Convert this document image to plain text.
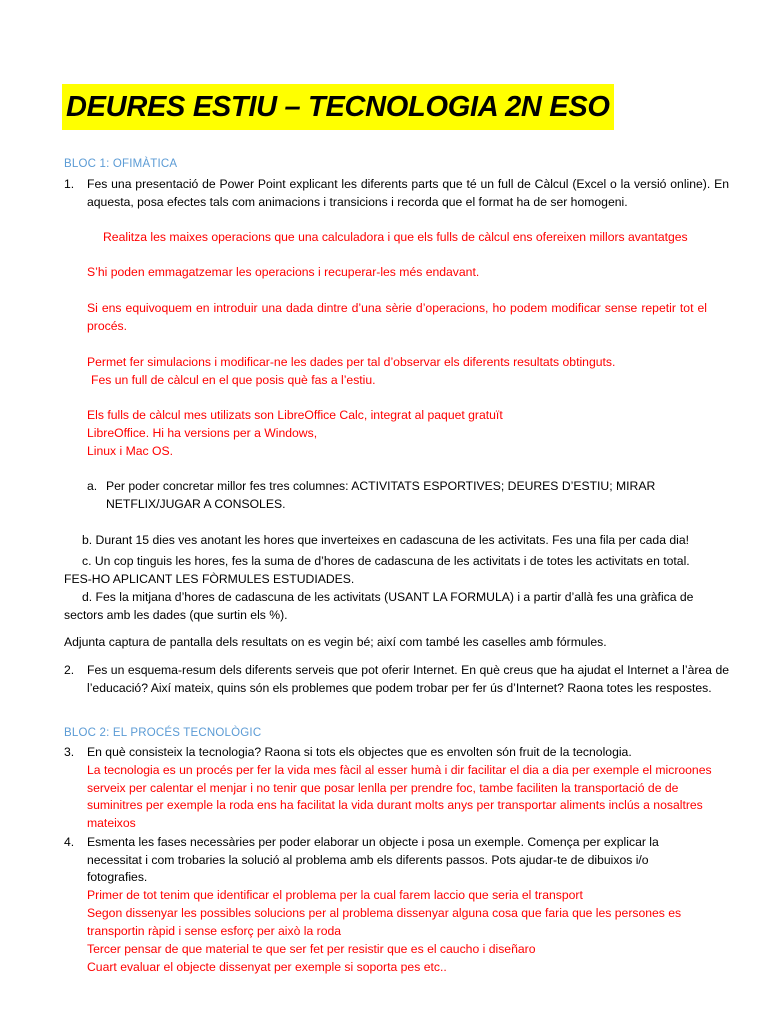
DEURES ESTIU – TECNOLOGIA 2N ESO
BLOC 1: OFIMÀTICA
1. Fes una presentació de Power Point explicant les diferents parts que té un full de Càlcul (Excel o la versió online). En aquesta, posa efectes tals com animacions i transicions i recorda que el format ha de ser homogeni.

Realitza les maixes operacions que una calculadora i que els fulls de càlcul ens ofereixen millors avantatges

S’hi poden emmagatzemar les operacions i recuperar-les més endavant.

Si ens equivoquem en introduir una dada dintre d’una sèrie d’operacions, ho podem modificar sense repetir tot el procés.

Permet fer simulacions i modificar-ne les dades per tal d’observar els diferents resultats obtinguts.

Fes un full de càlcul en el que posis què fas a l’estiu.

Els fulls de càlcul mes utilizats son LibreOffice Calc, integrat al paquet gratuït

LibreOffice. Hi ha versions per a Windows,

Linux i Mac OS.

a. Per poder concretar millor fes tres columnes: ACTIVITATS ESPORTIVES; DEURES D’ESTIU; MIRAR NETFLIX/JUGAR A CONSOLES.

b. Durant 15 dies ves anotant les hores que inverteixes en cadascuna de les activitats. Fes una fila per cada dia!

c. Un cop tinguis les hores, fes la suma de d’hores de cadascuna de les activitats i de totes les activitats en total.

FES-HO APLICANT LES FÒRMULES ESTUDIADES.

d. Fes la mitjana d’hores de cadascuna de les activitats (USANT LA FORMULA) i a partir d’allà fes una gràfica de sectors amb les dades (que surtin els %).

Adjunta captura de pantalla dels resultats on es vegin bé; així com també les caselles amb fórmules.

2. Fes un esquema-resum dels diferents serveis que pot oferir Internet. En què creus que ha ajudat el Internet a l’àrea de l’educació? Així mateix, quins són els problemes que podem trobar per fer ús d’Internet? Raona totes les respostes.

BLOC 2: EL PROCÉS TECNOLÒGIC
3. En què consisteix la tecnologia? Raona si tots els objectes que es envolten són fruit de la tecnologia.

La tecnologia es un procés per fer la vida mes fàcil al esser humà i dir facilitar el dia a dia per exemple el microones serveix per calentar el menjar i no tenir que posar lenlla per prendre foc, tambe faciliten la transportació de de suminitres per exemple la roda ens ha facilitat la vida durant molts anys per transportar aliments inclús a nosaltres mateixos

4. Esmenta les fases necessàries per poder elaborar un objecte i posa un exemple. Comença per explicar la necessitat i com trobaries la solució al problema amb els diferents passos. Pots ajudar-te de dibuixos i/o fotografies.

Primer de tot tenim que identificar el problema per la cual farem laccio que seria el transport

Segon dissenyar les possibles solucions per al problema dissenyar alguna cosa que faria que les persones es transportin ràpid i sense esforç per això la roda

Tercer pensar de que material te que ser fet per resistir que es el caucho i diseñaro

Cuart evaluar el objecte dissenyat per exemple si soporta pes etc..
